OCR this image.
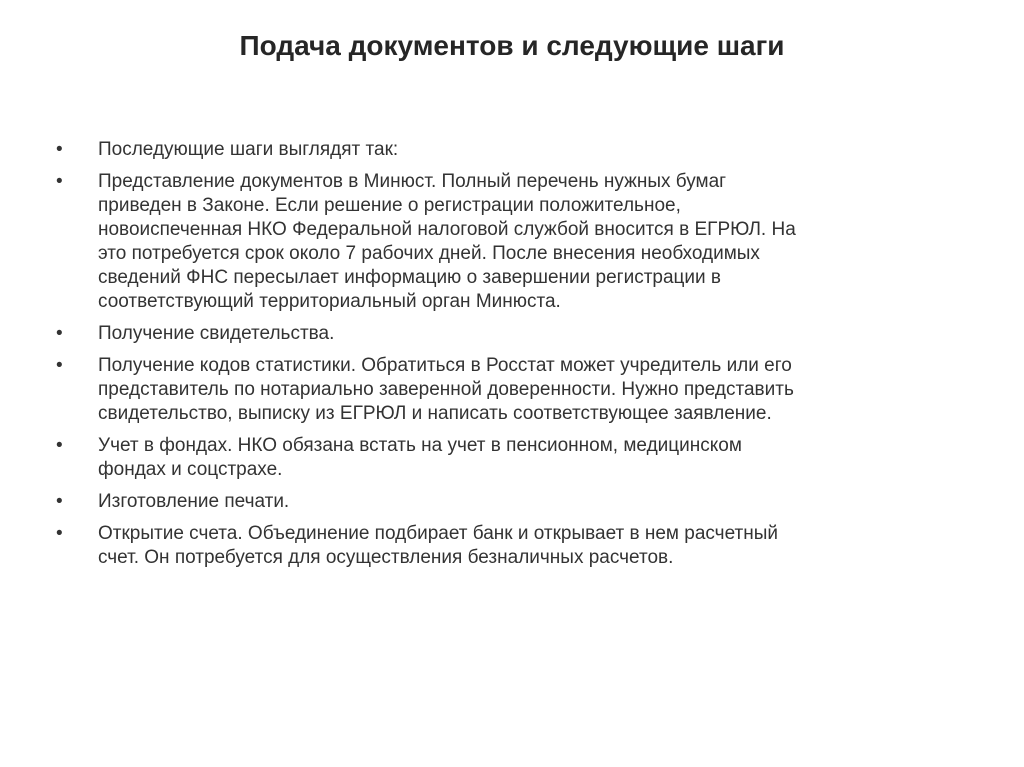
Подача документов и следующие шаги
•	Последующие шаги выглядят так:
•	Представление документов в Минюст. Полный перечень нужных бумаг
приведен в Законе. Если решение о регистрации положительное,
новоиспеченная НКО Федеральной налоговой службой вносится в ЕГРЮЛ. На
это потребуется срок около 7 рабочих дней. После внесения необходимых
сведений ФНС пересылает информацию о завершении регистрации в
соответствующий территориальный орган Минюста.
•	Получение свидетельства.
•	Получение кодов статистики. Обратиться в Росстат может учредитель или его
представитель по нотариально заверенной доверенности. Нужно представить
свидетельство, выписку из ЕГРЮЛ и написать соответствующее заявление.
•	Учет в фондах. НКО обязана встать на учет в пенсионном, медицинском
фондах и соцстрахе.
•	Изготовление печати.
•	Открытие счета. Объединение подбирает банк и открывает в нем расчетный
счет. Он потребуется для осуществления безналичных расчетов.
